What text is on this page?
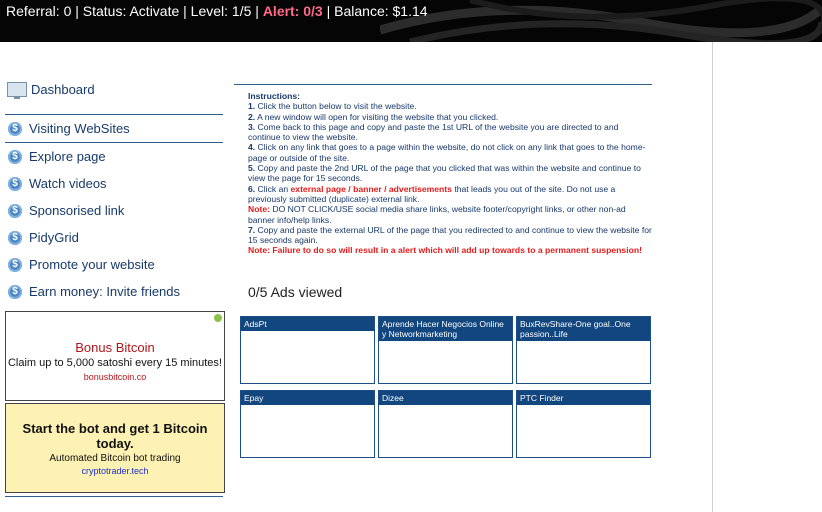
Referral: 0 | Status: Activate | Level: 1/5 | Alert: 0/3 | Balance: $1.14
Dashboard
$ Visiting WebSites
$ Explore page
$ Watch videos
$ Sponsorised link
$ PidyGrid
$ Promote your website
$ Earn money: Invite friends
Bonus Bitcoin
Claim up to 5,000 satoshi every 15 minutes!
bonusbitcoin.co
Start the bot and get 1 Bitcoin today.
Automated Bitcoin bot trading
cryptotrader.tech
Instructions:
1. Click the button below to visit the website.
2. A new window will open for visiting the website that you clicked.
3. Come back to this page and copy and paste the 1st URL of the website you are directed to and continue to view the website.
4. Click on any link that goes to a page within the website, do not click on any link that goes to the home-page or outside of the site.
5. Copy and paste the 2nd URL of the page that you clicked that was within the website and continue to view the page for 15 seconds.
6. Click an external page / banner / advertisements that leads you out of the site. Do not use a previously submitted (duplicate) external link.
Note: DO NOT CLICK/USE social media share links, website footer/copyright links, or other non-ad banner info/help links.
7. Copy and paste the external URL of the page that you redirected to and continue to view the website for 15 seconds again.
Note: Failure to do so will result in a alert which will add up towards to a permanent suspension!
0/5 Ads viewed
AdsPt	Aprende Hacer Negocios Online y Networkmarketing
BuxRevShare-One goal..One passion..Life
Epay	Dizee	PTC Finder
